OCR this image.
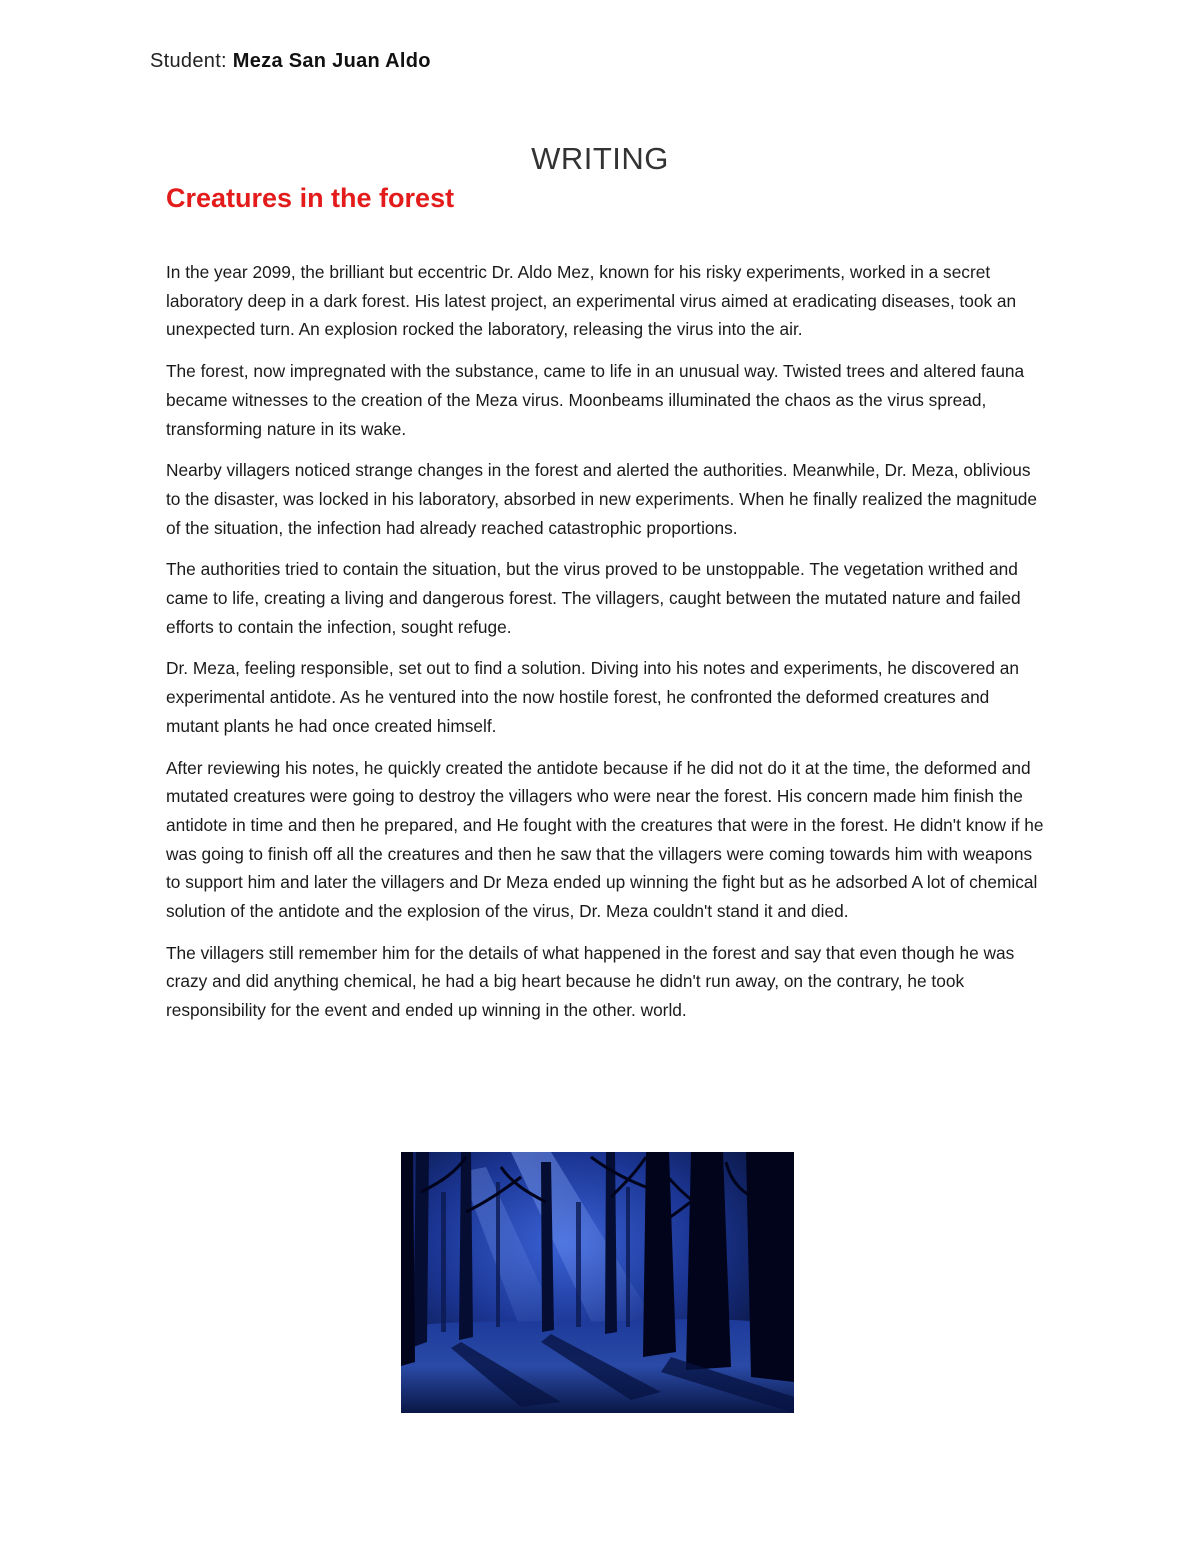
Student: Meza San Juan Aldo
WRITING
Creatures in the forest

In the year 2099, the brilliant but eccentric Dr. Aldo Mez, known for his risky experiments, worked in a secret laboratory deep in a dark forest. His latest project, an experimental virus aimed at eradicating diseases, took an unexpected turn. An explosion rocked the laboratory, releasing the virus into the air.

The forest, now impregnated with the substance, came to life in an unusual way. Twisted trees and altered fauna became witnesses to the creation of the Meza virus. Moonbeams illuminated the chaos as the virus spread, transforming nature in its wake.

Nearby villagers noticed strange changes in the forest and alerted the authorities. Meanwhile, Dr. Meza, oblivious to the disaster, was locked in his laboratory, absorbed in new experiments. When he finally realized the magnitude of the situation, the infection had already reached catastrophic proportions.

The authorities tried to contain the situation, but the virus proved to be unstoppable. The vegetation writhed and came to life, creating a living and dangerous forest. The villagers, caught between the mutated nature and failed efforts to contain the infection, sought refuge.

Dr. Meza, feeling responsible, set out to find a solution. Diving into his notes and experiments, he discovered an experimental antidote. As he ventured into the now hostile forest, he confronted the deformed creatures and mutant plants he had once created himself.

After reviewing his notes, he quickly created the antidote because if he did not do it at the time, the deformed and mutated creatures were going to destroy the villagers who were near the forest. His concern made him finish the antidote in time and then he prepared, and He fought with the creatures that were in the forest. He didn't know if he was going to finish off all the creatures and then he saw that the villagers were coming towards him with weapons to support him and later the villagers and Dr Meza ended up winning the fight but as he adsorbed A lot of chemical solution of the antidote and the explosion of the virus, Dr. Meza couldn't stand it and died.

The villagers still remember him for the details of what happened in the forest and say that even though he was crazy and did anything chemical, he had a big heart because he didn't run away, on the contrary, he took responsibility for the event and ended up winning in the other. world.
